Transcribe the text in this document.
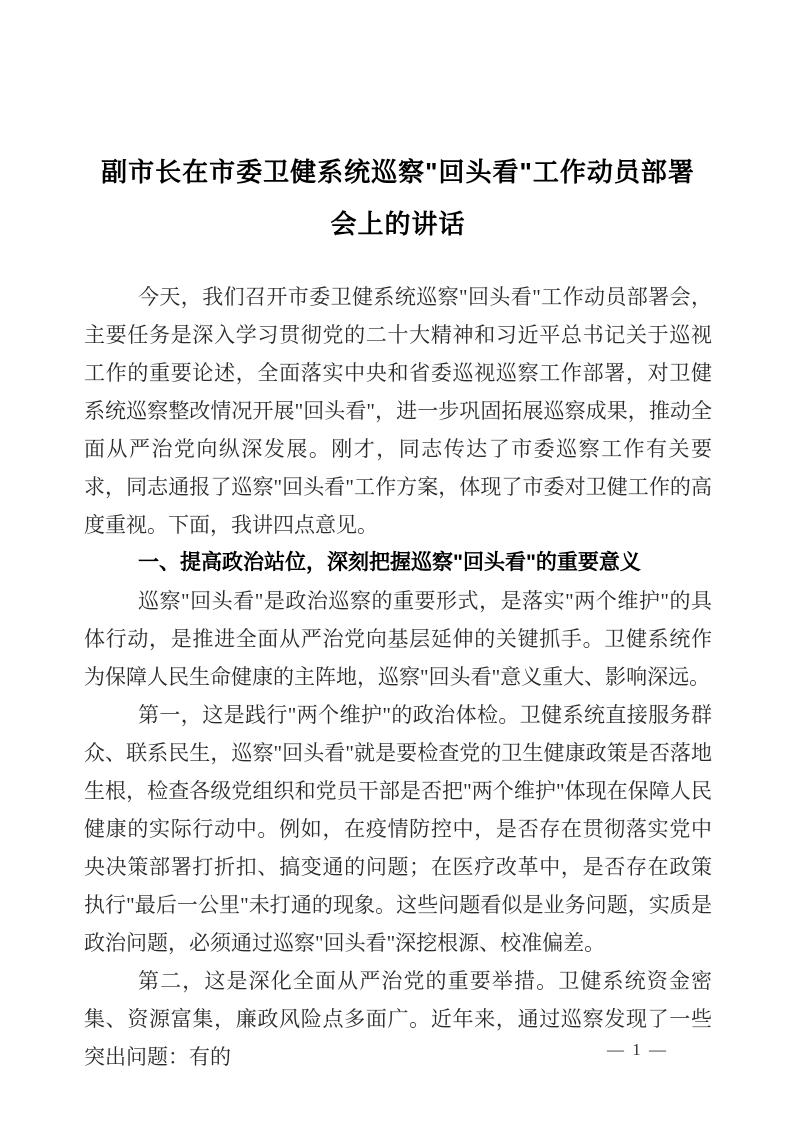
副市长在市委卫健系统巡察"回头看"工作动员部署会上的讲话

今天，我们召开市委卫健系统巡察"回头看"工作动员部署会，主要任务是深入学习贯彻党的二十大精神和习近平总书记关于巡视工作的重要论述，全面落实中央和省委巡视巡察工作部署，对卫健系统巡察整改情况开展"回头看"，进一步巩固拓展巡察成果，推动全面从严治党向纵深发展。刚才，同志传达了市委巡察工作有关要求，同志通报了巡察"回头看"工作方案，体现了市委对卫健工作的高度重视。下面，我讲四点意见。

一、提高政治站位，深刻把握巡察"回头看"的重要意义

巡察"回头看"是政治巡察的重要形式，是落实"两个维护"的具体行动，是推进全面从严治党向基层延伸的关键抓手。卫健系统作为保障人民生命健康的主阵地，巡察"回头看"意义重大、影响深远。

第一，这是践行"两个维护"的政治体检。卫健系统直接服务群众、联系民生，巡察"回头看"就是要检查党的卫生健康政策是否落地生根，检查各级党组织和党员干部是否把"两个维护"体现在保障人民健康的实际行动中。例如，在疫情防控中，是否存在贯彻落实党中央决策部署打折扣、搞变通的问题；在医疗改革中，是否存在政策执行"最后一公里"未打通的现象。这些问题看似是业务问题，实质是政治问题，必须通过巡察"回头看"深挖根源、校准偏差。

第二，这是深化全面从严治党的重要举措。卫健系统资金密集、资源富集，廉政风险点多面广。近年来，通过巡察发现了一些突出问题：有的	— 1 —
